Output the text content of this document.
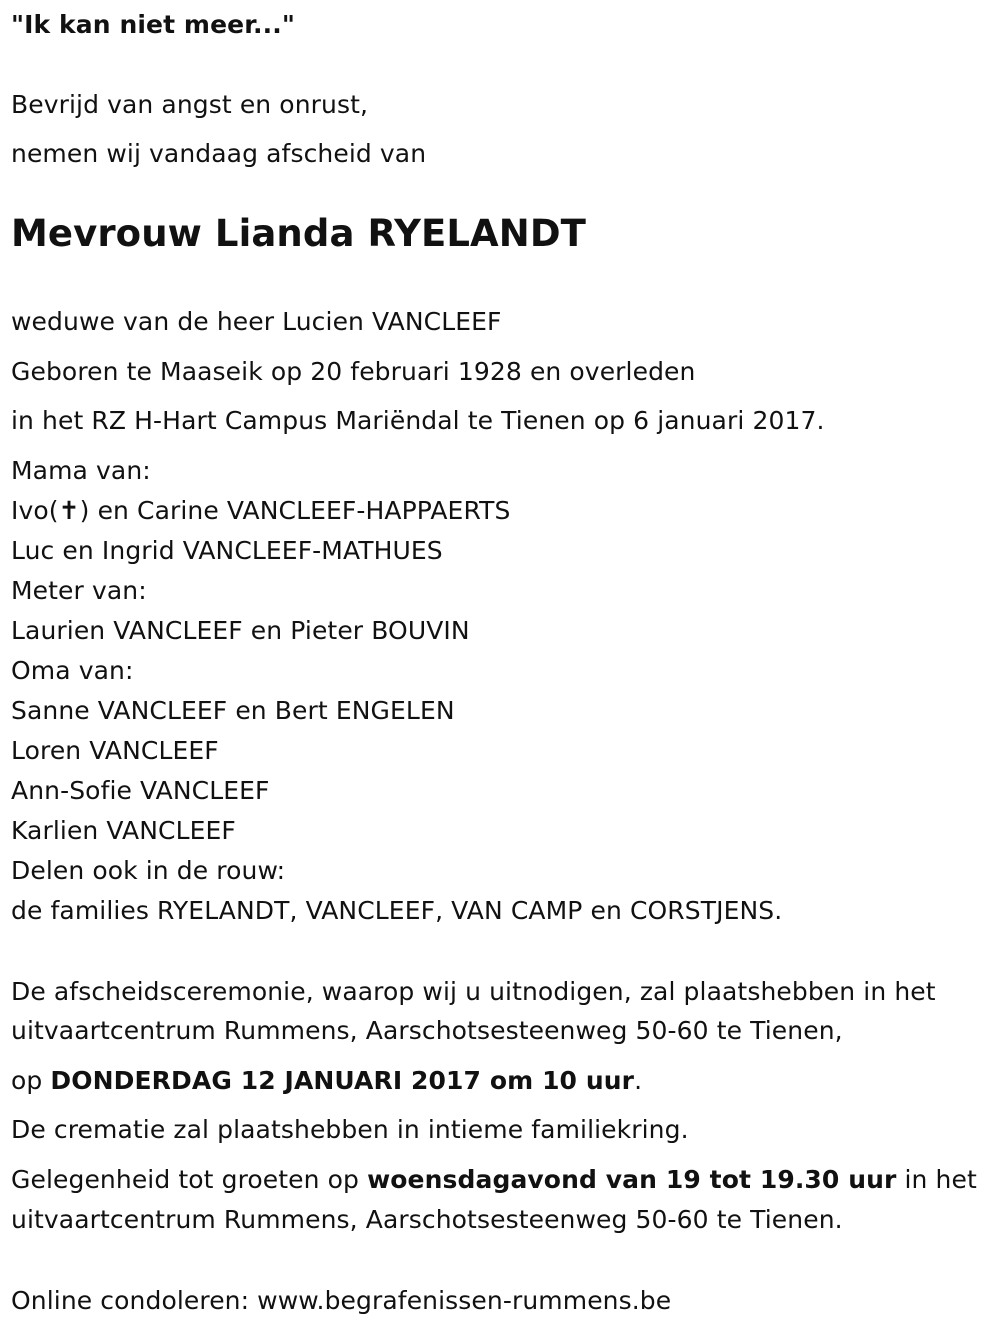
"Ik kan niet meer..."
Bevrijd van angst en onrust,
nemen wij vandaag afscheid van
Mevrouw Lianda RYELANDT
weduwe van de heer Lucien VANCLEEF
Geboren te Maaseik op 20 februari 1928 en overleden
in het RZ H-Hart Campus Mariëndal te Tienen op 6 januari 2017.
Mama van:
Ivo(✝) en Carine VANCLEEF-HAPPAERTS
Luc en Ingrid VANCLEEF-MATHUES
Meter van:
Laurien VANCLEEF en Pieter BOUVIN
Oma van:
Sanne VANCLEEF en Bert ENGELEN
Loren VANCLEEF
Ann-Sofie VANCLEEF
Karlien VANCLEEF
Delen ook in de rouw:
de families RYELANDT, VANCLEEF, VAN CAMP en CORSTJENS.
De afscheidsceremonie, waarop wij u uitnodigen, zal plaatshebben in het
uitvaartcentrum Rummens, Aarschotsesteenweg 50-60 te Tienen,
op DONDERDAG 12 JANUARI 2017 om 10 uur.
De crematie zal plaatshebben in intieme familiekring.
Gelegenheid tot groeten op woensdagavond van 19 tot 19.30 uur in het
uitvaartcentrum Rummens, Aarschotsesteenweg 50-60 te Tienen.
Online condoleren: www.begrafenissen-rummens.be
